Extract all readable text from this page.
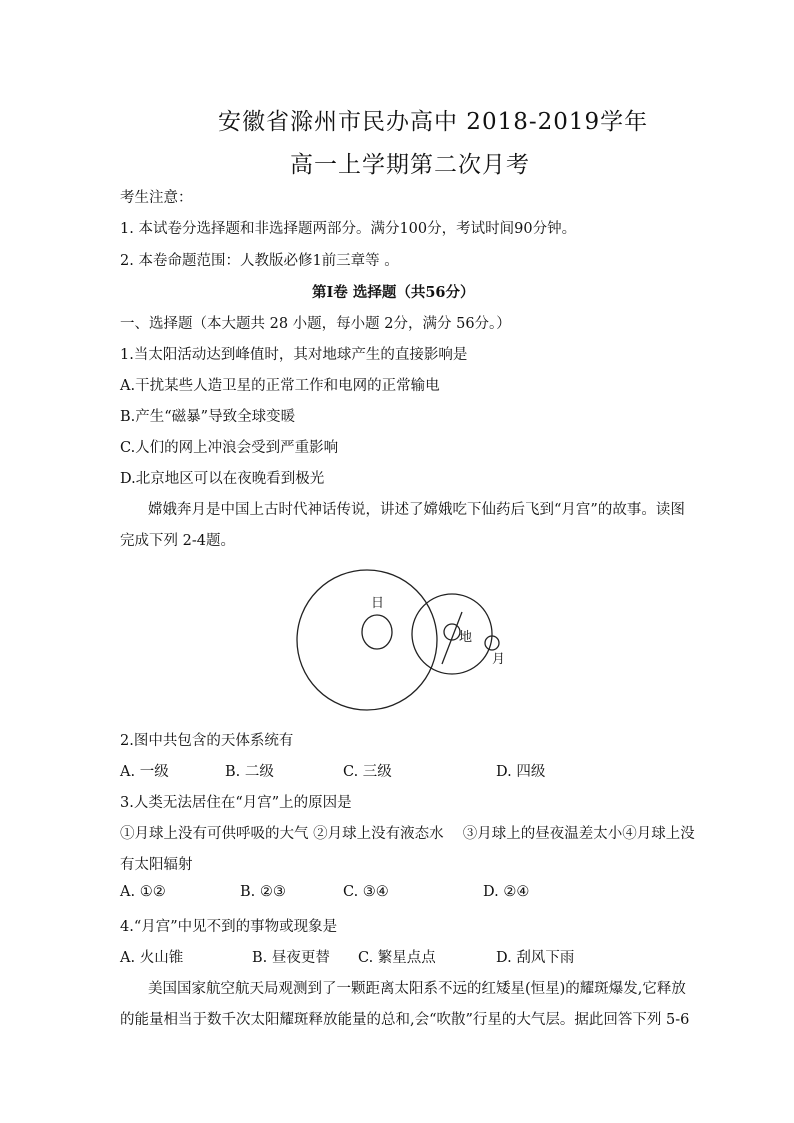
安徽省滁州市民办高中 2018-2019学年
高一上学期第二次月考
考生注意：
1. 本试卷分选择题和非选择题两部分。满分100分，考试时间90分钟。
2. 本卷命题范围：人教版必修1前三章等 。
第I卷 选择题（共56分）
一、选择题（本大题共 28 小题，每小题 2分，满分 56分。）
1.当太阳活动达到峰值时，其对地球产生的直接影响是
A.干扰某些人造卫星的正常工作和电网的正常输电
B.产生“磁暴”导致全球变暖
C.人们的网上冲浪会受到严重影响
D.北京地区可以在夜晚看到极光
嫦娥奔月是中国上古时代神话传说，讲述了嫦娥吃下仙药后飞到“月宫”的故事。读图
完成下列 2-4题。
日
地
月
2.图中共包含的天体系统有
A. 一级	B. 二级	C. 三级	D. 四级
3.人类无法居住在“月宫”上的原因是
①月球上没有可供呼吸的大气 ②月球上没有液态水　 ③月球上的昼夜温差太小④月球上没
有太阳辐射
A. ①②	B. ②③	C. ③④	D. ②④
4.“月宫”中见不到的事物或现象是
A. 火山锥	B. 昼夜更替 C. 繁星点点	D. 刮风下雨
美国国家航空航天局观测到了一颗距离太阳系不远的红矮星(恒星)的耀斑爆发,它释放
的能量相当于数千次太阳耀斑释放能量的总和,会“吹散”行星的大气层。据此回答下列 5-6
